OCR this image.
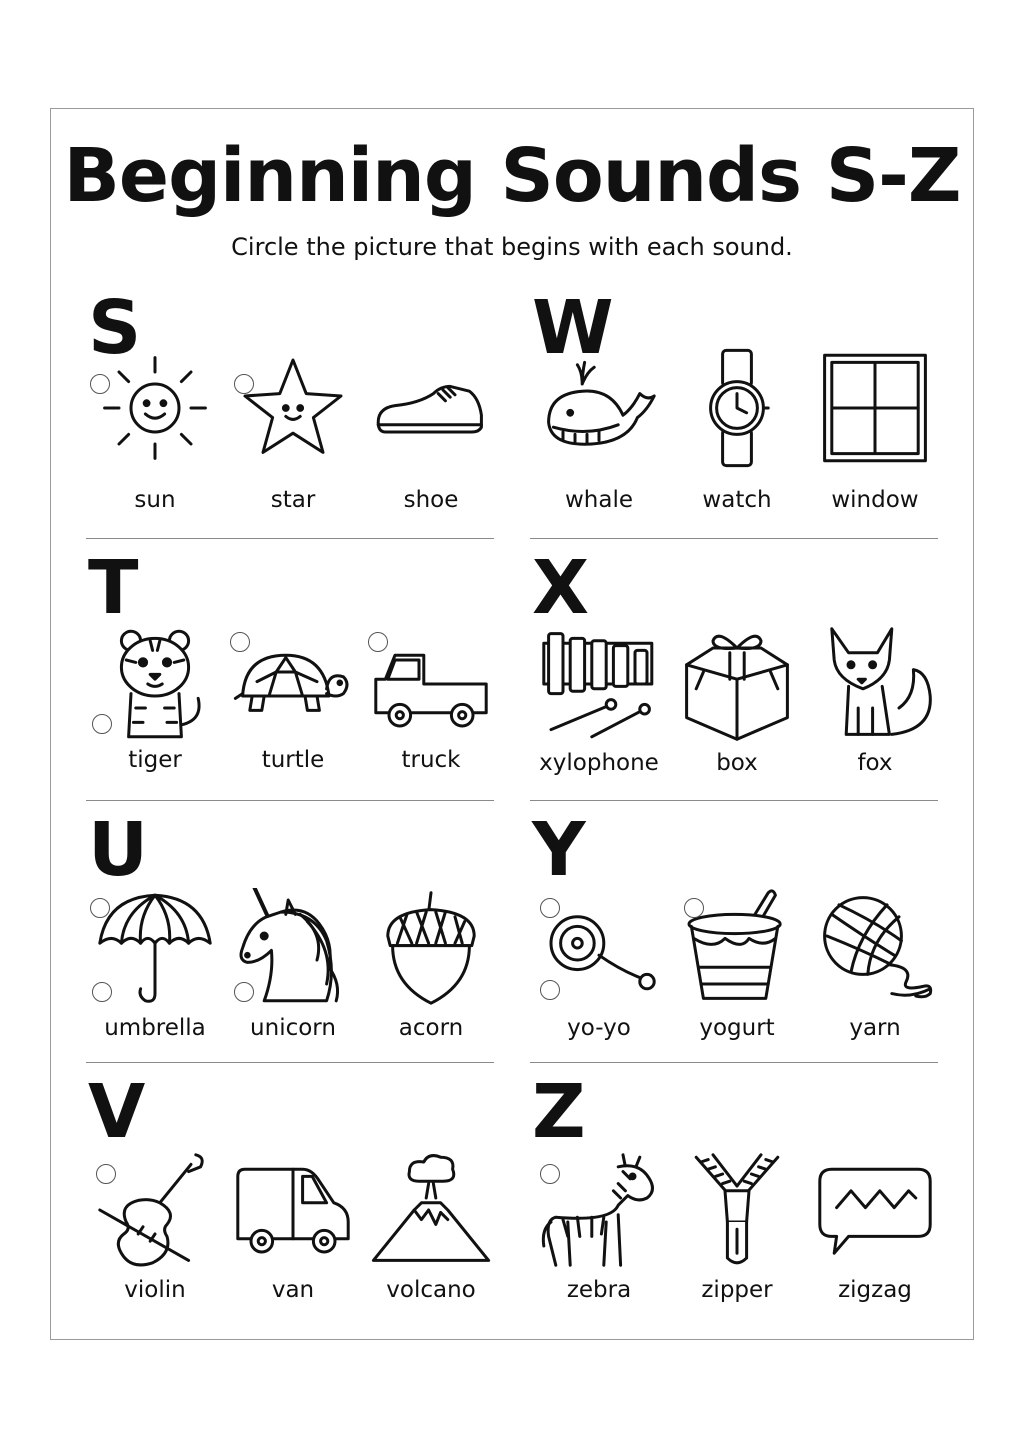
Beginning Sounds S-Z
Circle the picture that begins with each sound.
S
sun	star	shoe
W
whale	watch	window
T
tiger	turtle	truck
X
xylophone	box	fox
U
umbrella	unicorn	acorn
Y
yo-yo	yogurt	yarn
V
violin	van	volcano
Z
zebra	zipper	zigzag
